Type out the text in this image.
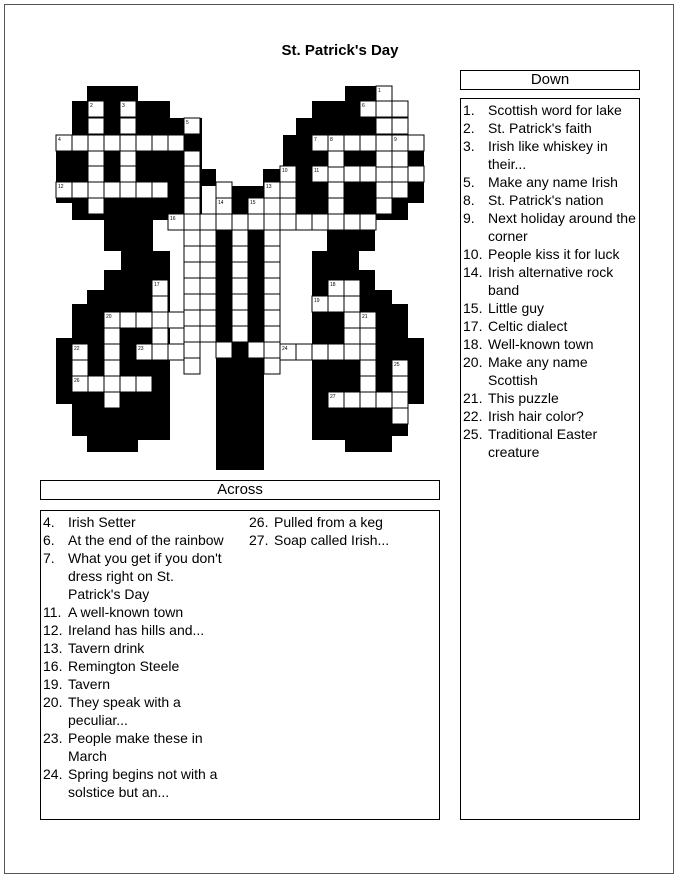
St. Patrick's Day
1
2	3
4
5
6
7	8	9
10	11
12	13
14	15
16
17	18
19
20	21
22	23	24
25
26
27
Down
1. Scottish word for lake
2. St. Patrick's faith
3. Irish like whiskey in their...
5. Make any name Irish
8. St. Patrick's nation
9. Next holiday around the corner
10. People kiss it for luck
14. Irish alternative rock band
15. Little guy
17. Celtic dialect
18. Well-known town
20. Make any name Scottish
21. This puzzle
22. Irish hair color?
25. Traditional Easter creature
Across
4. Irish Setter
6. At the end of the rainbow
7. What you get if you don't dress right on St. Patrick's Day
11. A well-known town
12. Ireland has hills and...
13. Tavern drink
16. Remington Steele
19. Tavern
20. They speak with a peculiar...
23. People make these in March
24. Spring begins not with a solstice but an...
26. Pulled from a keg
27. Soap called Irish...
